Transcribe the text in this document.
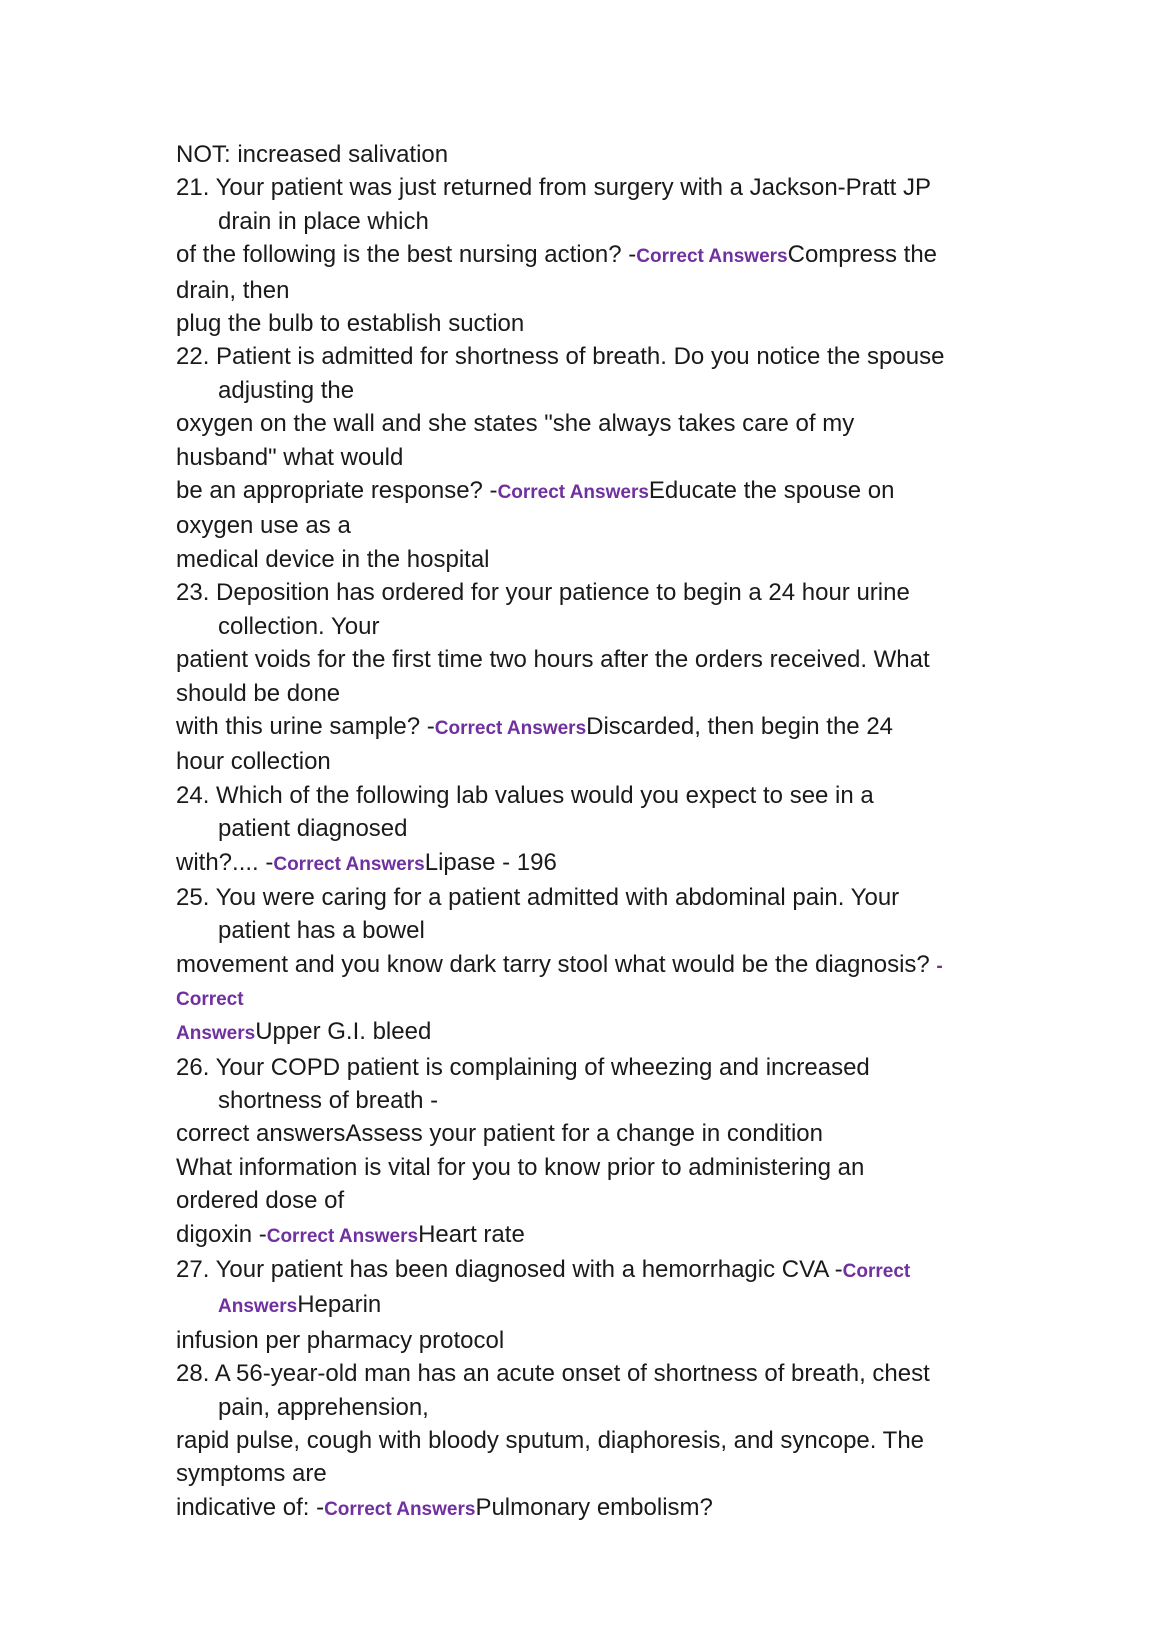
NOT: increased salivation
21. Your patient was just returned from surgery with a Jackson-Pratt JP
drain in place which
of the following is the best nursing action? -Correct AnswersCompress the
drain, then
plug the bulb to establish suction
22. Patient is admitted for shortness of breath. Do you notice the spouse
adjusting the
oxygen on the wall and she states "she always takes care of my
husband" what would
be an appropriate response? -Correct AnswersEducate the spouse on
oxygen use as a
medical device in the hospital
23. Deposition has ordered for your patience to begin a 24 hour urine
collection. Your
patient voids for the first time two hours after the orders received. What
should be done
with this urine sample? -Correct AnswersDiscarded, then begin the 24
hour collection
24. Which of the following lab values would you expect to see in a
patient diagnosed
with?.... -Correct AnswersLipase - 196
25. You were caring for a patient admitted with abdominal pain. Your
patient has a bowel
movement and you know dark tarry stool what would be the diagnosis? -
Correct
AnswersUpper G.I. bleed
26. Your COPD patient is complaining of wheezing and increased
shortness of breath -
correct answersAssess your patient for a change in condition
What information is vital for you to know prior to administering an
ordered dose of
digoxin -Correct AnswersHeart rate
27. Your patient has been diagnosed with a hemorrhagic CVA -Correct
AnswersHeparin
infusion per pharmacy protocol
28. A 56-year-old man has an acute onset of shortness of breath, chest
pain, apprehension,
rapid pulse, cough with bloody sputum, diaphoresis, and syncope. The
symptoms are
indicative of: -Correct AnswersPulmonary embolism?
